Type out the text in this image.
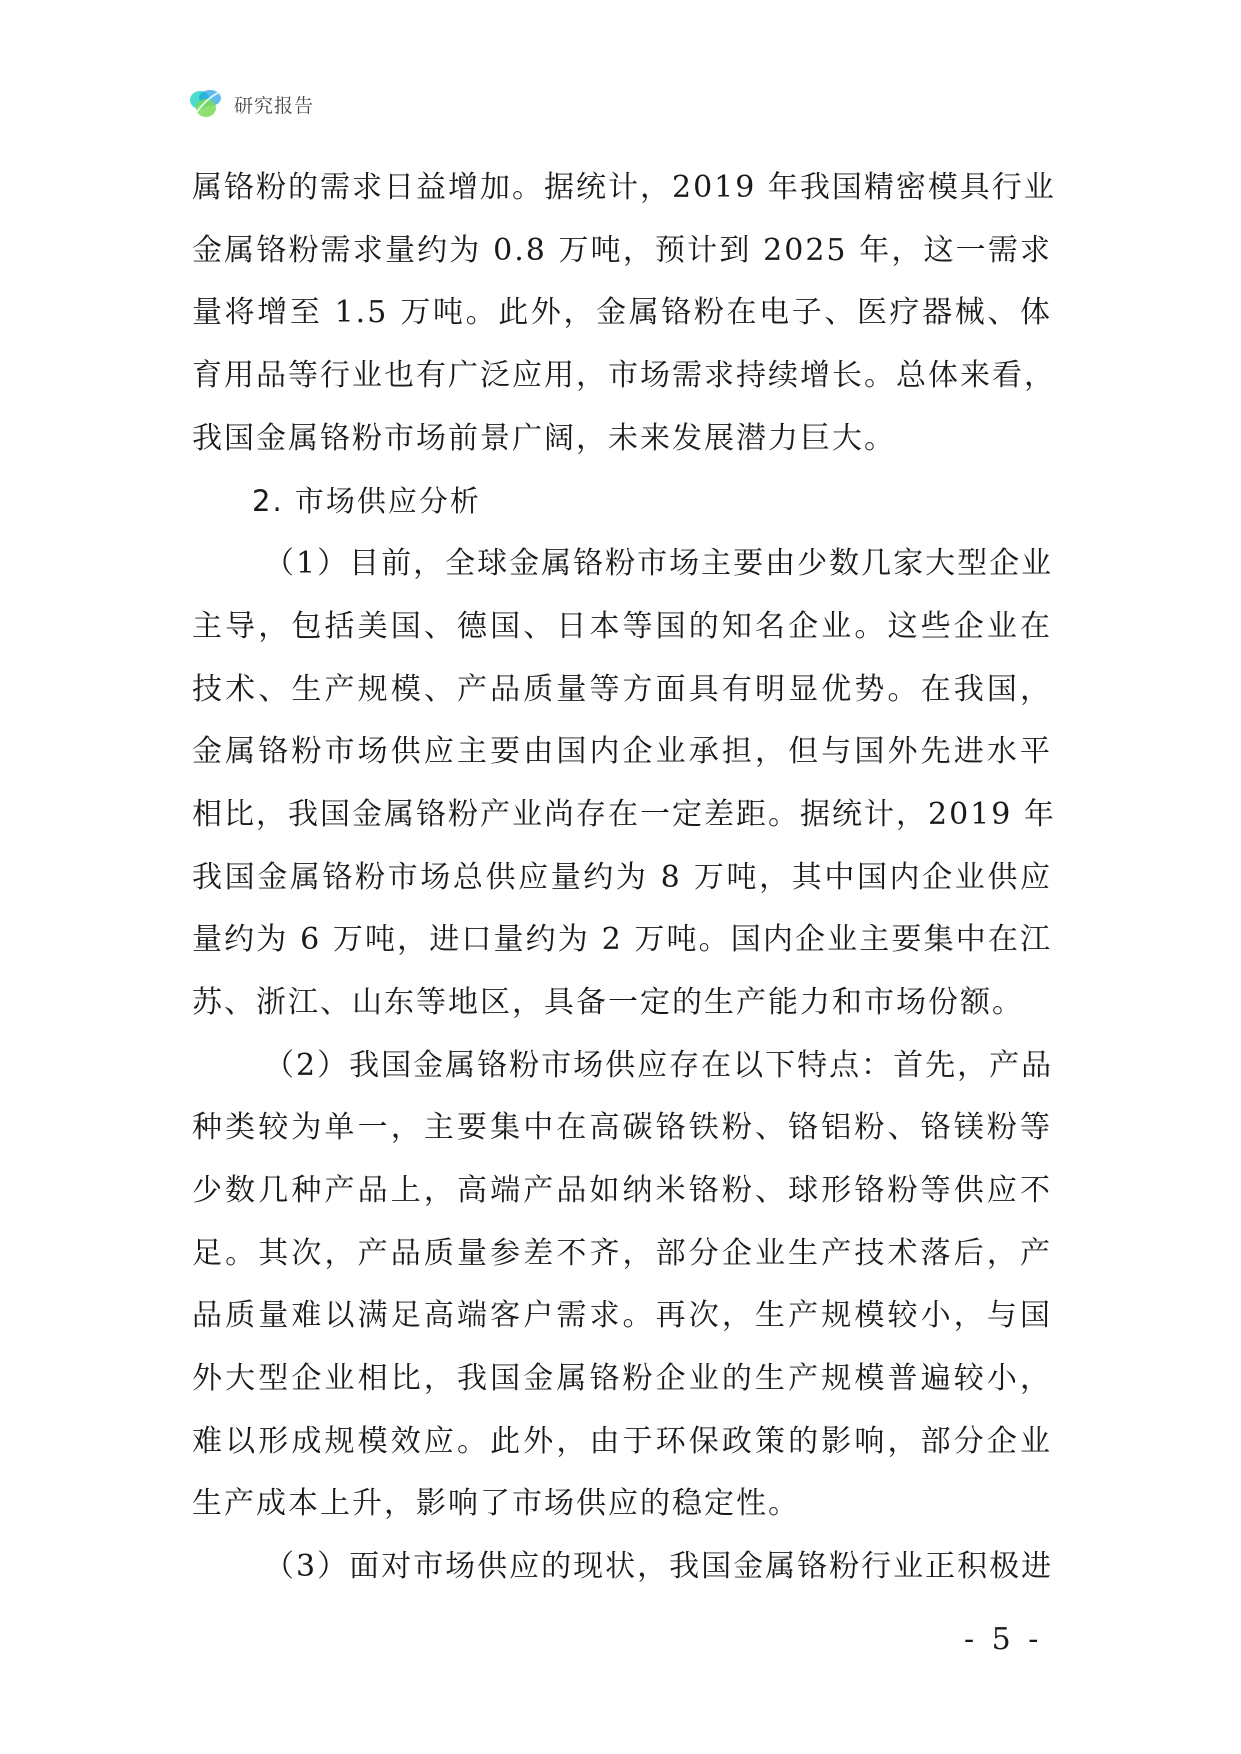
研究报告
属铬粉的需求日益增加。据统计，2019 年我国精密模具行业
金属铬粉需求量约为 0.8 万吨，预计到 2025 年，这一需求
量将增至 1.5 万吨。此外，金属铬粉在电子、医疗器械、体
育用品等行业也有广泛应用，市场需求持续增长。总体来看，
我国金属铬粉市场前景广阔，未来发展潜力巨大。
2. 市场供应分析
（1）目前，全球金属铬粉市场主要由少数几家大型企业
主导，包括美国、德国、日本等国的知名企业。这些企业在
技术、生产规模、产品质量等方面具有明显优势。在我国，
金属铬粉市场供应主要由国内企业承担，但与国外先进水平
相比，我国金属铬粉产业尚存在一定差距。据统计，2019 年
我国金属铬粉市场总供应量约为 8 万吨，其中国内企业供应
量约为 6 万吨，进口量约为 2 万吨。国内企业主要集中在江
苏、浙江、山东等地区，具备一定的生产能力和市场份额。
（2）我国金属铬粉市场供应存在以下特点：首先，产品
种类较为单一，主要集中在高碳铬铁粉、铬铝粉、铬镁粉等
少数几种产品上，高端产品如纳米铬粉、球形铬粉等供应不
足。其次，产品质量参差不齐，部分企业生产技术落后，产
品质量难以满足高端客户需求。再次，生产规模较小，与国
外大型企业相比，我国金属铬粉企业的生产规模普遍较小，
难以形成规模效应。此外，由于环保政策的影响，部分企业
生产成本上升，影响了市场供应的稳定性。
（3）面对市场供应的现状，我国金属铬粉行业正积极进
- 5 -
